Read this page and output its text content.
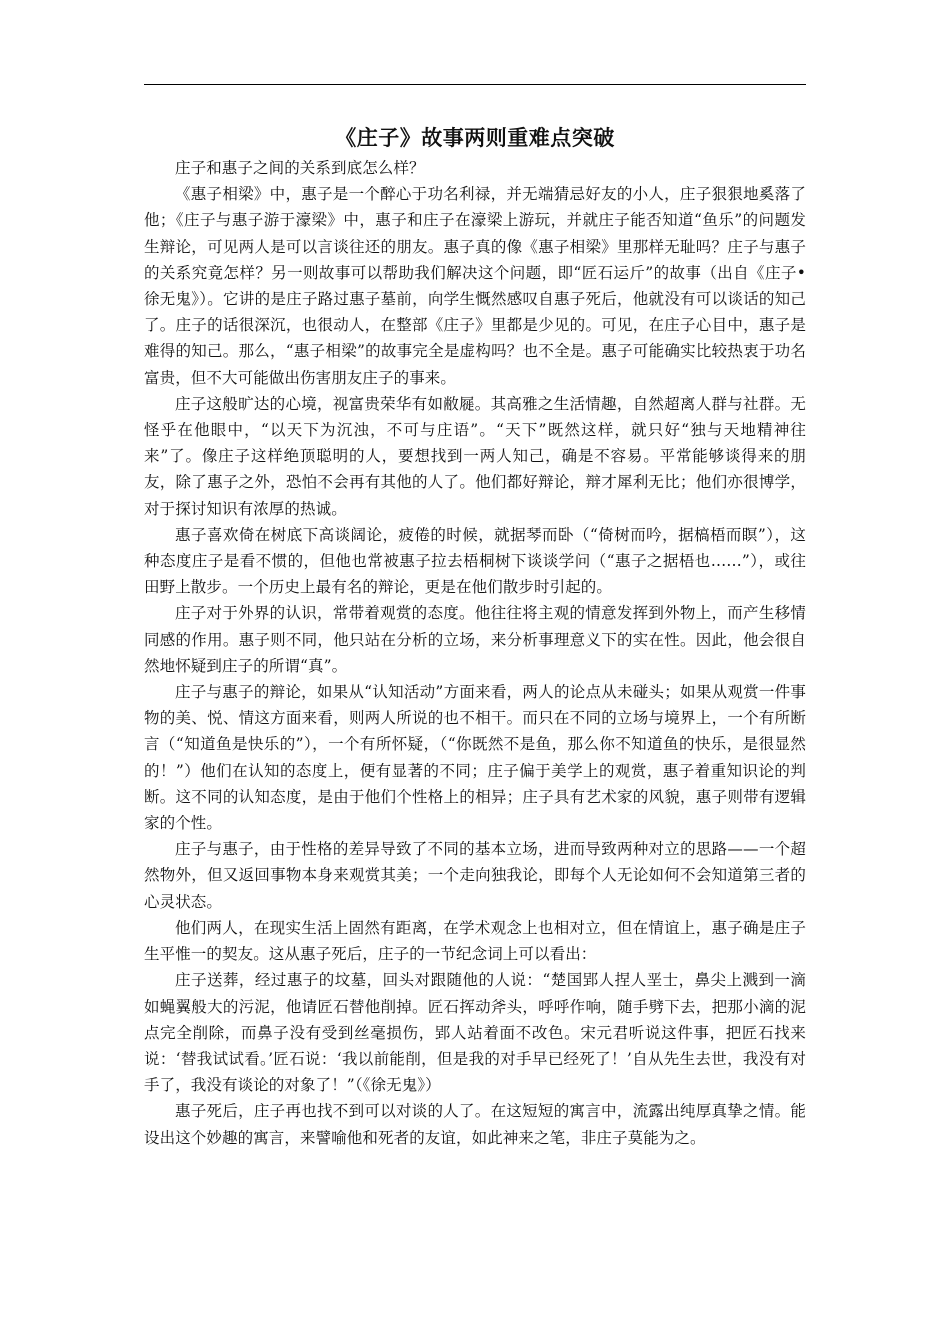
《庄子》故事两则重难点突破

庄子和惠子之间的关系到底怎么样？

《惠子相梁》中，惠子是一个醉心于功名利禄，并无端猜忌好友的小人，庄子狠狠地奚落了他；《庄子与惠子游于濠梁》中，惠子和庄子在濠梁上游玩，并就庄子能否知道“鱼乐”的问题发生辩论，可见两人是可以言谈往还的朋友。惠子真的像《惠子相梁》里那样无耻吗？庄子与惠子的关系究竟怎样？另一则故事可以帮助我们解决这个问题，即“匠石运斤”的故事（出自《庄子•徐无鬼》）。它讲的是庄子路过惠子墓前，向学生慨然感叹自惠子死后，他就没有可以谈话的知己了。庄子的话很深沉，也很动人，在整部《庄子》里都是少见的。可见，在庄子心目中，惠子是难得的知己。那么，“惠子相梁”的故事完全是虚构吗？也不全是。惠子可能确实比较热衷于功名富贵，但不大可能做出伤害朋友庄子的事来。

庄子这般旷达的心境，视富贵荣华有如敝屣。其高雅之生活情趣，自然超离人群与社群。无怪乎在他眼中，“以天下为沉浊，不可与庄语”。“天下”既然这样，就只好“独与天地精神往来”了。像庄子这样绝顶聪明的人，要想找到一两人知己，确是不容易。平常能够谈得来的朋友，除了惠子之外，恐怕不会再有其他的人了。他们都好辩论，辩才犀利无比；他们亦很博学，对于探讨知识有浓厚的热诚。

惠子喜欢倚在树底下高谈阔论，疲倦的时候，就据琴而卧（“倚树而吟，据槁梧而瞑”），这种态度庄子是看不惯的，但他也常被惠子拉去梧桐树下谈谈学问（“惠子之据梧也……”），或往田野上散步。一个历史上最有名的辩论，更是在他们散步时引起的。

庄子对于外界的认识，常带着观赏的态度。他往往将主观的情意发挥到外物上，而产生移情同感的作用。惠子则不同，他只站在分析的立场，来分析事理意义下的实在性。因此，他会很自然地怀疑到庄子的所谓“真”。

庄子与惠子的辩论，如果从“认知活动”方面来看，两人的论点从未碰头；如果从观赏一件事物的美、悦、情这方面来看，则两人所说的也不相干。而只在不同的立场与境界上，一个有所断言（“知道鱼是快乐的”），一个有所怀疑，（“你既然不是鱼，那么你不知道鱼的快乐，是很显然的！”）他们在认知的态度上，便有显著的不同；庄子偏于美学上的观赏，惠子着重知识论的判断。这不同的认知态度，是由于他们个性格上的相异；庄子具有艺术家的风貌，惠子则带有逻辑家的个性。

庄子与惠子，由于性格的差异导致了不同的基本立场，进而导致两种对立的思路——一个超然物外，但又返回事物本身来观赏其美；一个走向独我论，即每个人无论如何不会知道第三者的心灵状态。

他们两人，在现实生活上固然有距离，在学术观念上也相对立，但在情谊上，惠子确是庄子生平惟一的契友。这从惠子死后，庄子的一节纪念词上可以看出：

庄子送葬，经过惠子的坟墓，回头对跟随他的人说：“楚国郢人捏人垩士，鼻尖上溅到一滴如蝇翼般大的污泥，他请匠石替他削掉。匠石挥动斧头，呼呼作响，随手劈下去，把那小滴的泥点完全削除，而鼻子没有受到丝毫损伤，郢人站着面不改色。宋元君听说这件事，把匠石找来说：‘替我试试看。’匠石说：‘我以前能削，但是我的对手早已经死了！’自从先生去世，我没有对手了，我没有谈论的对象了！”（《徐无鬼》）

惠子死后，庄子再也找不到可以对谈的人了。在这短短的寓言中，流露出纯厚真挚之情。能设出这个妙趣的寓言，来譬喻他和死者的友谊，如此神来之笔，非庄子莫能为之。
